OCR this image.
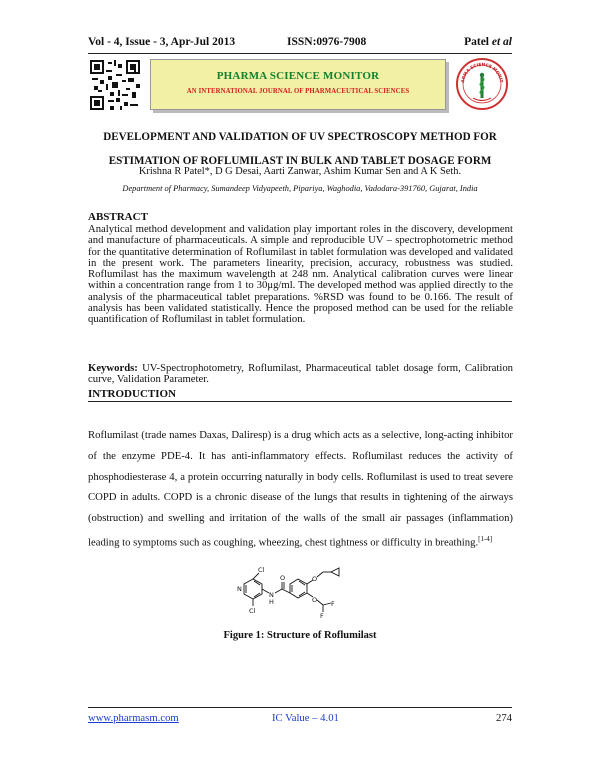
Vol - 4, Issue - 3, Apr-Jul 2013	ISSN:0976-7908	Patel et al
PHARMA SCIENCE MONITOR
AN INTERNATIONAL JOURNAL OF PHARMACEUTICAL SCIENCES
ARMA SCIENCE MONIT
DEVELOPMENT AND VALIDATION OF UV SPECTROSCOPY METHOD FOR
ESTIMATION OF ROFLUMILAST IN BULK AND TABLET DOSAGE FORM
Krishna R Patel*, D G Desai, Aarti Zanwar, Ashim Kumar Sen and A K Seth.
Department of Pharmacy, Sumandeep Vidyapeeth, Pipariya, Waghodia, Vadodara-391760, Gujarat, India
ABSTRACT
Analytical method development and validation play important roles in the discovery, development and manufacture of pharmaceuticals. A simple and reproducible UV – spectrophotometric method for the quantitative determination of Roflumilast in tablet formulation was developed and validated in the present work. The parameters linearity, precision, accuracy, robustness was studied. Roflumilast has the maximum wavelength at 248 nm. Analytical calibration curves were linear within a concentration range from 1 to 30μg/ml. The developed method was applied directly to the analysis of the pharmaceutical tablet preparations. %RSD was found to be 0.166. The result of analysis has been validated statistically. Hence the proposed method can be used for the reliable quantification of Roflumilast in tablet formulation.
Keywords: UV-Spectrophotometry, Roflumilast, Pharmaceutical tablet dosage form, Calibration curve, Validation Parameter.
INTRODUCTION
Roflumilast (trade names Daxas, Daliresp) is a drug which acts as a selective, long-acting inhibitor of the enzyme PDE-4. It has anti-inflammatory effects. Roflumilast reduces the activity of phosphodiesterase 4, a protein occurring naturally in body cells. Roflumilast is used to treat severe COPD in adults. COPD is a chronic disease of the lungs that results in tightening of the airways (obstruction) and swelling and irritation of the walls of the small air passages (inflammation) leading to symptoms such as coughing, wheezing, chest tightness or difficulty in breathing.[1-4]
N
Cl
Cl
N
H
O	O
O
F
F
Figure 1: Structure of Roflumilast
www.pharmasm.com	IC Value – 4.01	274
